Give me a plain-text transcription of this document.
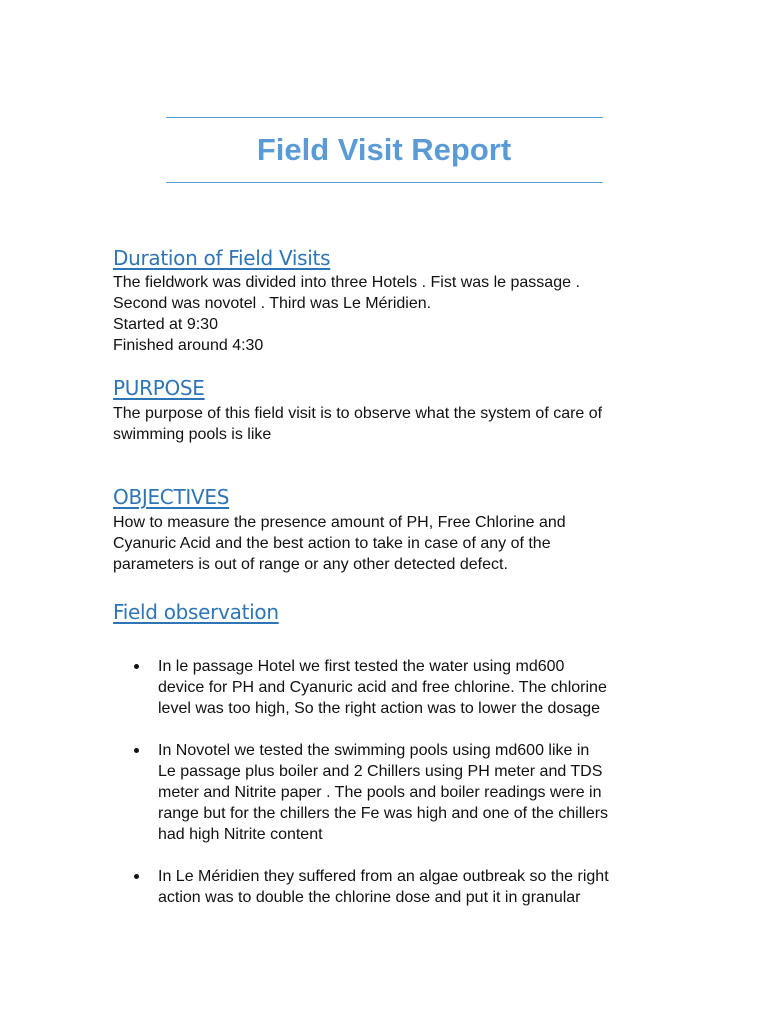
Field Visit Report
Duration of Field Visits
The fieldwork was divided into three Hotels . Fist was le passage .
Second was novotel . Third was Le Méridien.
Started at 9:30
Finished around 4:30
PURPOSE
The purpose of this field visit is to observe what the system of care of
swimming pools is like
OBJECTIVES
How to measure the presence amount of PH, Free Chlorine and
Cyanuric Acid and the best action to take in case of any of the
parameters is out of range or any other detected defect.
Field observation
In le passage Hotel we first tested the water using md600
device for PH and Cyanuric acid and free chlorine. The chlorine
level was too high, So the right action was to lower the dosage
In Novotel we tested the swimming pools using md600 like in
Le passage plus boiler and 2 Chillers using PH meter and TDS
meter and Nitrite paper . The pools and boiler readings were in
range but for the chillers the Fe was high and one of the chillers
had high Nitrite content
In Le Méridien they suffered from an algae outbreak so the right
action was to double the chlorine dose and put it in granular
